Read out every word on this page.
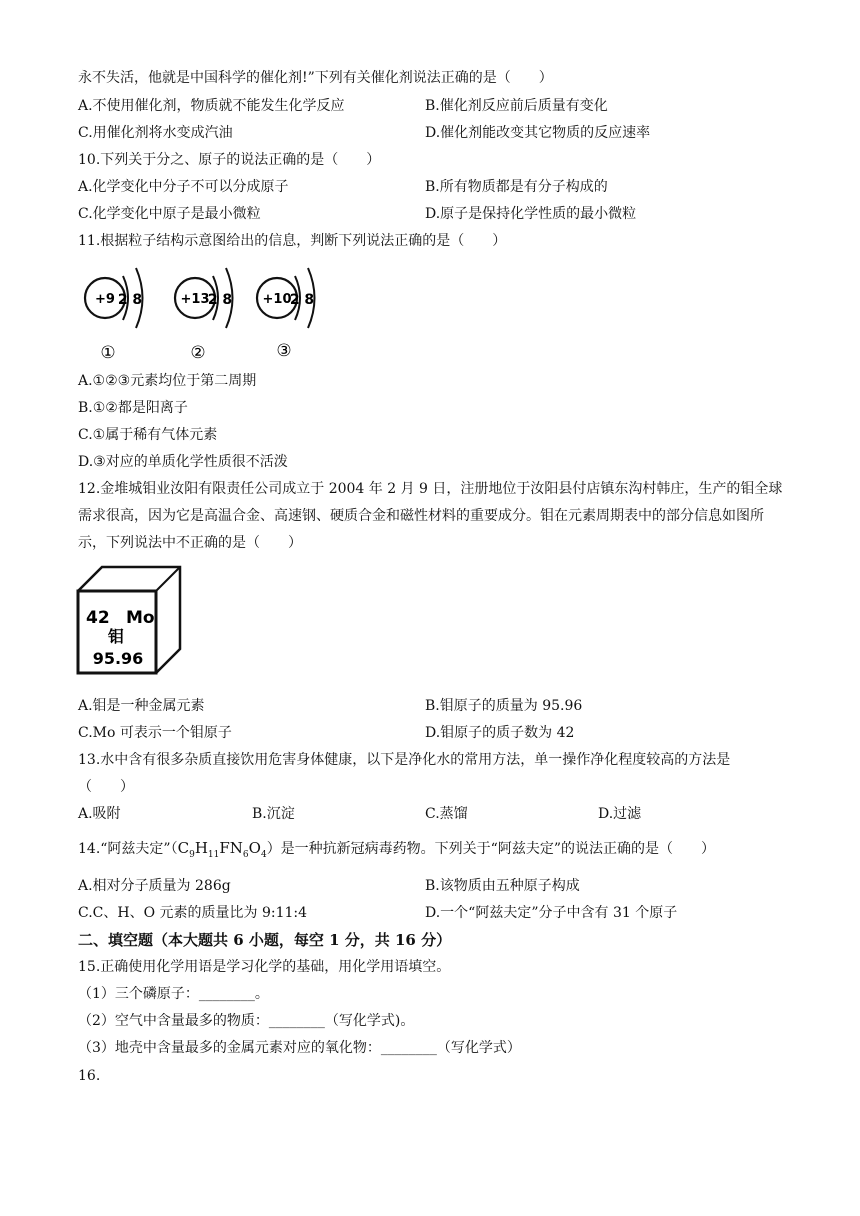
永不失活，他就是中国科学的催化剂!”下列有关催化剂说法正确的是（　　）
A.不使用催化剂，物质就不能发生化学反应	B.催化剂反应前后质量有变化
C.用催化剂将水变成汽油	D.催化剂能改变其它物质的反应速率
10.下列关于分之、原子的说法正确的是（　　）
A.化学变化中分子不可以分成原子	B.所有物质都是有分子构成的
C.化学变化中原子是最小微粒	D.原子是保持化学性质的最小微粒
11.根据粒子结构示意图给出的信息，判断下列说法正确的是（　　）
+9 2 8
①
+13
2 8
②
+10
2 8
③
A.①②③元素均位于第二周期
B.①②都是阳离子
C.①属于稀有气体元素
D.③对应的单质化学性质很不活泼
12.金堆城钼业汝阳有限责任公司成立于 2004 年 2 月 9 日，注册地位于汝阳县付店镇东沟村韩庄，生产的钼全球需求很高，因为它是高温合金、高速钢、硬质合金和磁性材料的重要成分。钼在元素周期表中的部分信息如图所示，下列说法中不正确的是（　　）
42 Mo
钼
95.96
A.钼是一种金属元素	B.钼原子的质量为 95.96
C.Mo 可表示一个钼原子	D.钼原子的质子数为 42
13.水中含有很多杂质直接饮用危害身体健康，以下是净化水的常用方法，单一操作净化程度较高的方法是
（　　）
A.吸附	B.沉淀	C.蒸馏	D.过滤
14.“阿兹夫定$”(C_9H_{11}FN_6O_4)$是一种抗新冠病毒药物。下列关于“阿兹夫定”的说法正确的是（　　）
A.相对分子质量为 286g	B.该物质由五种原子构成
C.C、H、O 元素的质量比为 9:11:4	D.一个“阿兹夫定”分子中含有 31 个原子
二、填空题（本大题共 6 小题，每空 1 分，共 16 分）
15.正确使用化学用语是学习化学的基础，用化学用语填空。
（1）三个磷原子：________。
（2）空气中含量最多的物质：________（写化学式)。
（3）地壳中含量最多的金属元素对应的氧化物：________（写化学式）
16.
